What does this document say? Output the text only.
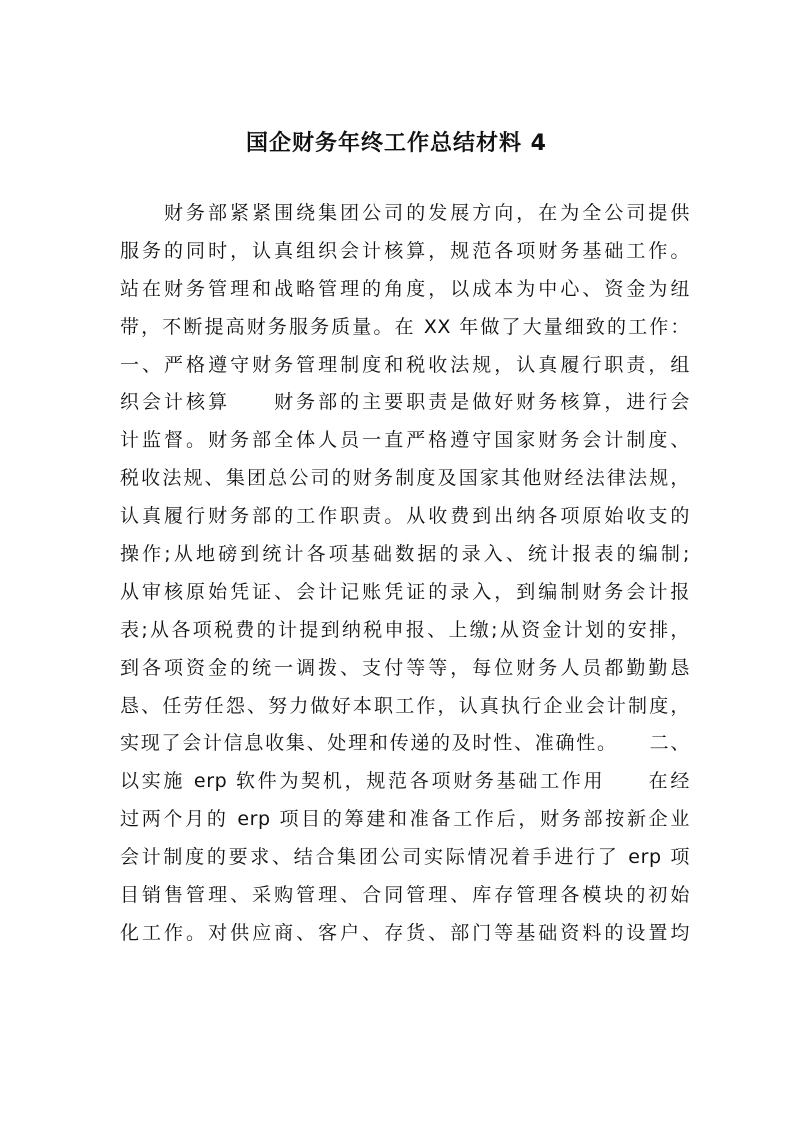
国企财务年终工作总结材料 4
财务部紧紧围绕集团公司的发展方向，在为全公司提供
服务的同时，认真组织会计核算，规范各项财务基础工作。
站在财务管理和战略管理的角度，以成本为中心、资金为纽
带，不断提高财务服务质量。在 XX 年做了大量细致的工作：
一、严格遵守财务管理制度和税收法规，认真履行职责，组
织会计核算　　财务部的主要职责是做好财务核算，进行会
计监督。财务部全体人员一直严格遵守国家财务会计制度、
税收法规、集团总公司的财务制度及国家其他财经法律法规，
认真履行财务部的工作职责。从收费到出纳各项原始收支的
操作;从地磅到统计各项基础数据的录入、统计报表的编制;
从审核原始凭证、会计记账凭证的录入，到编制财务会计报
表;从各项税费的计提到纳税申报、上缴;从资金计划的安排，
到各项资金的统一调拨、支付等等，每位财务人员都勤勤恳
恳、任劳任怨、努力做好本职工作，认真执行企业会计制度，
实现了会计信息收集、处理和传递的及时性、准确性。　　二、
以实施 erp 软件为契机，规范各项财务基础工作用　　在经
过两个月的 erp 项目的筹建和准备工作后，财务部按新企业
会计制度的要求、结合集团公司实际情况着手进行了 erp 项
目销售管理、采购管理、合同管理、库存管理各模块的初始
化工作。对供应商、客户、存货、部门等基础资料的设置均
